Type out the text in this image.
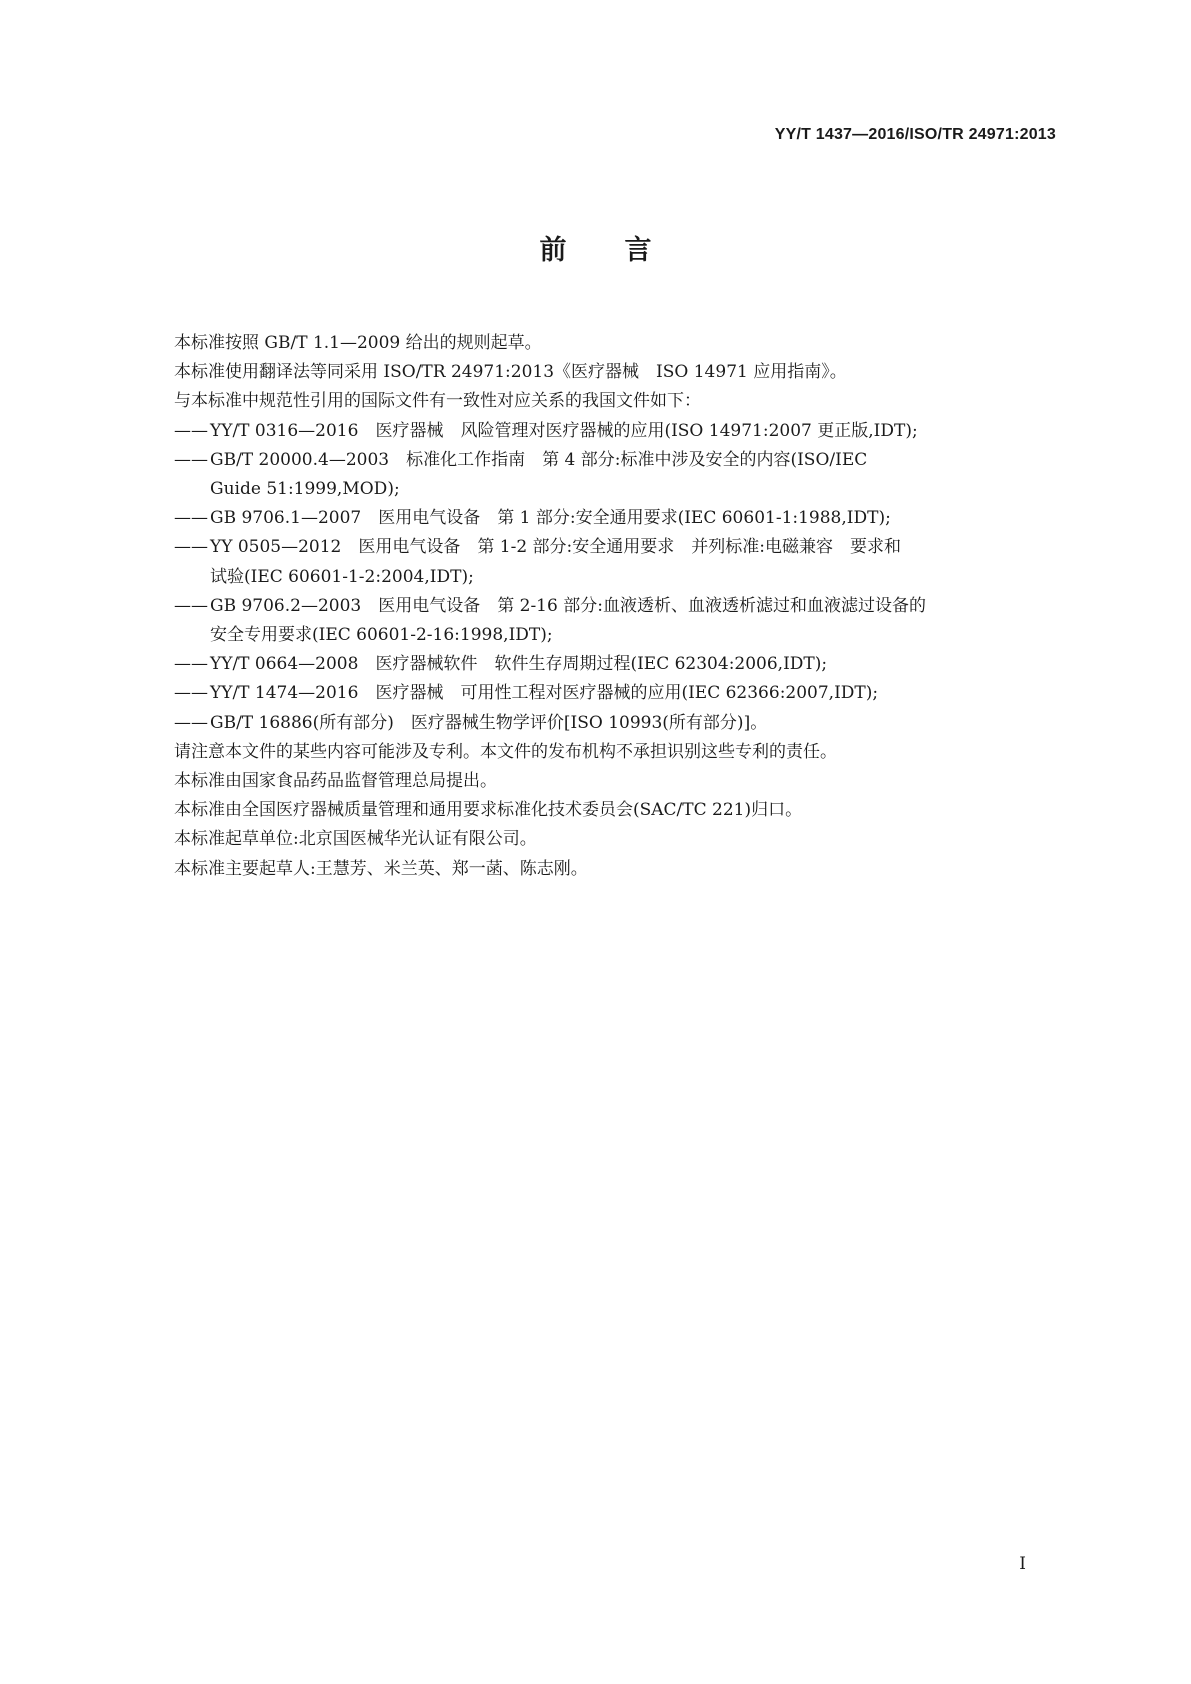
YY/T 1437—2016/ISO/TR 24971:2013
前言

本标准按照 GB/T 1.1—2009 给出的规则起草。

本标准使用翻译法等同采用 ISO/TR 24971:2013《医疗器械　ISO 14971 应用指南》。

与本标准中规范性引用的国际文件有一致性对应关系的我国文件如下：

—— YY/T 0316—2016　医疗器械　风险管理对医疗器械的应用(ISO 14971:2007 更正版,IDT);
—— GB/T 20000.4—2003　标准化工作指南　第 4 部分:标准中涉及安全的内容(ISO/IEC
Guide 51:1999,MOD);
—— GB 9706.1—2007　医用电气设备　第 1 部分:安全通用要求(IEC 60601-1:1988,IDT);
—— YY 0505—2012　医用电气设备　第 1-2 部分:安全通用要求　并列标准:电磁兼容　要求和
试验(IEC 60601-1-2:2004,IDT);
—— GB 9706.2—2003　医用电气设备　第 2-16 部分:血液透析、血液透析滤过和血液滤过设备的
安全专用要求(IEC 60601-2-16:1998,IDT);
—— YY/T 0664—2008　医疗器械软件　软件生存周期过程(IEC 62304:2006,IDT);
—— YY/T 1474—2016　医疗器械　可用性工程对医疗器械的应用(IEC 62366:2007,IDT);
—— GB/T 16886(所有部分)　医疗器械生物学评价[ISO 10993(所有部分)]。

请注意本文件的某些内容可能涉及专利。本文件的发布机构不承担识别这些专利的责任。

本标准由国家食品药品监督管理总局提出。

本标准由全国医疗器械质量管理和通用要求标准化技术委员会(SAC/TC 221)归口。

本标准起草单位:北京国医械华光认证有限公司。

本标准主要起草人:王慧芳、米兰英、郑一菡、陈志刚。

I
